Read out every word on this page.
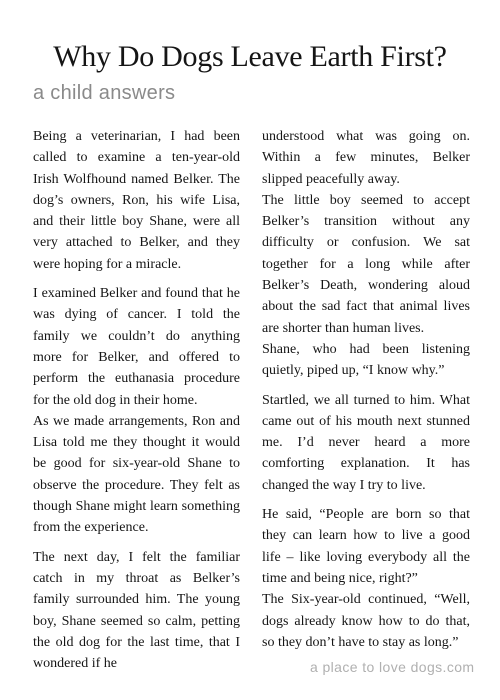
Why Do Dogs Leave Earth First?
a child answers

Being a veterinarian, I had been called to examine a ten-year-old Irish Wolfhound named Belker. The dog’s owners, Ron, his wife Lisa, and their little boy Shane, were all very attached to Belker, and they were hoping for a miracle.

I examined Belker and found that he was dying of cancer. I told the family we couldn’t do anything more for Belker, and offered to perform the euthanasia procedure for the old dog in their home.

As we made arrangements, Ron and Lisa told me they thought it would be good for six-year-old Shane to observe the procedure. They felt as though Shane might learn something from the experience.

The next day, I felt the familiar catch in my throat as Belker’s family surrounded him. The young boy, Shane seemed so calm, petting the old dog for the last time, that I wondered if he

understood what was going on. Within a few minutes, Belker slipped peacefully away.

The little boy seemed to accept Belker’s transition without any difficulty or confusion. We sat together for a long while after Belker’s Death, wondering aloud about the sad fact that animal lives are shorter than human lives.

Shane, who had been listening quietly, piped up, “I know why.”

Startled, we all turned to him. What came out of his mouth next stunned me. I’d never heard a more comforting explanation. It has changed the way I try to live.

He said, “People are born so that they can learn how to live a good life – like loving everybody all the time and being nice, right?”

The Six-year-old continued, “Well, dogs already know how to do that, so they don’t have to stay as long.”

a place to love dogs.com
